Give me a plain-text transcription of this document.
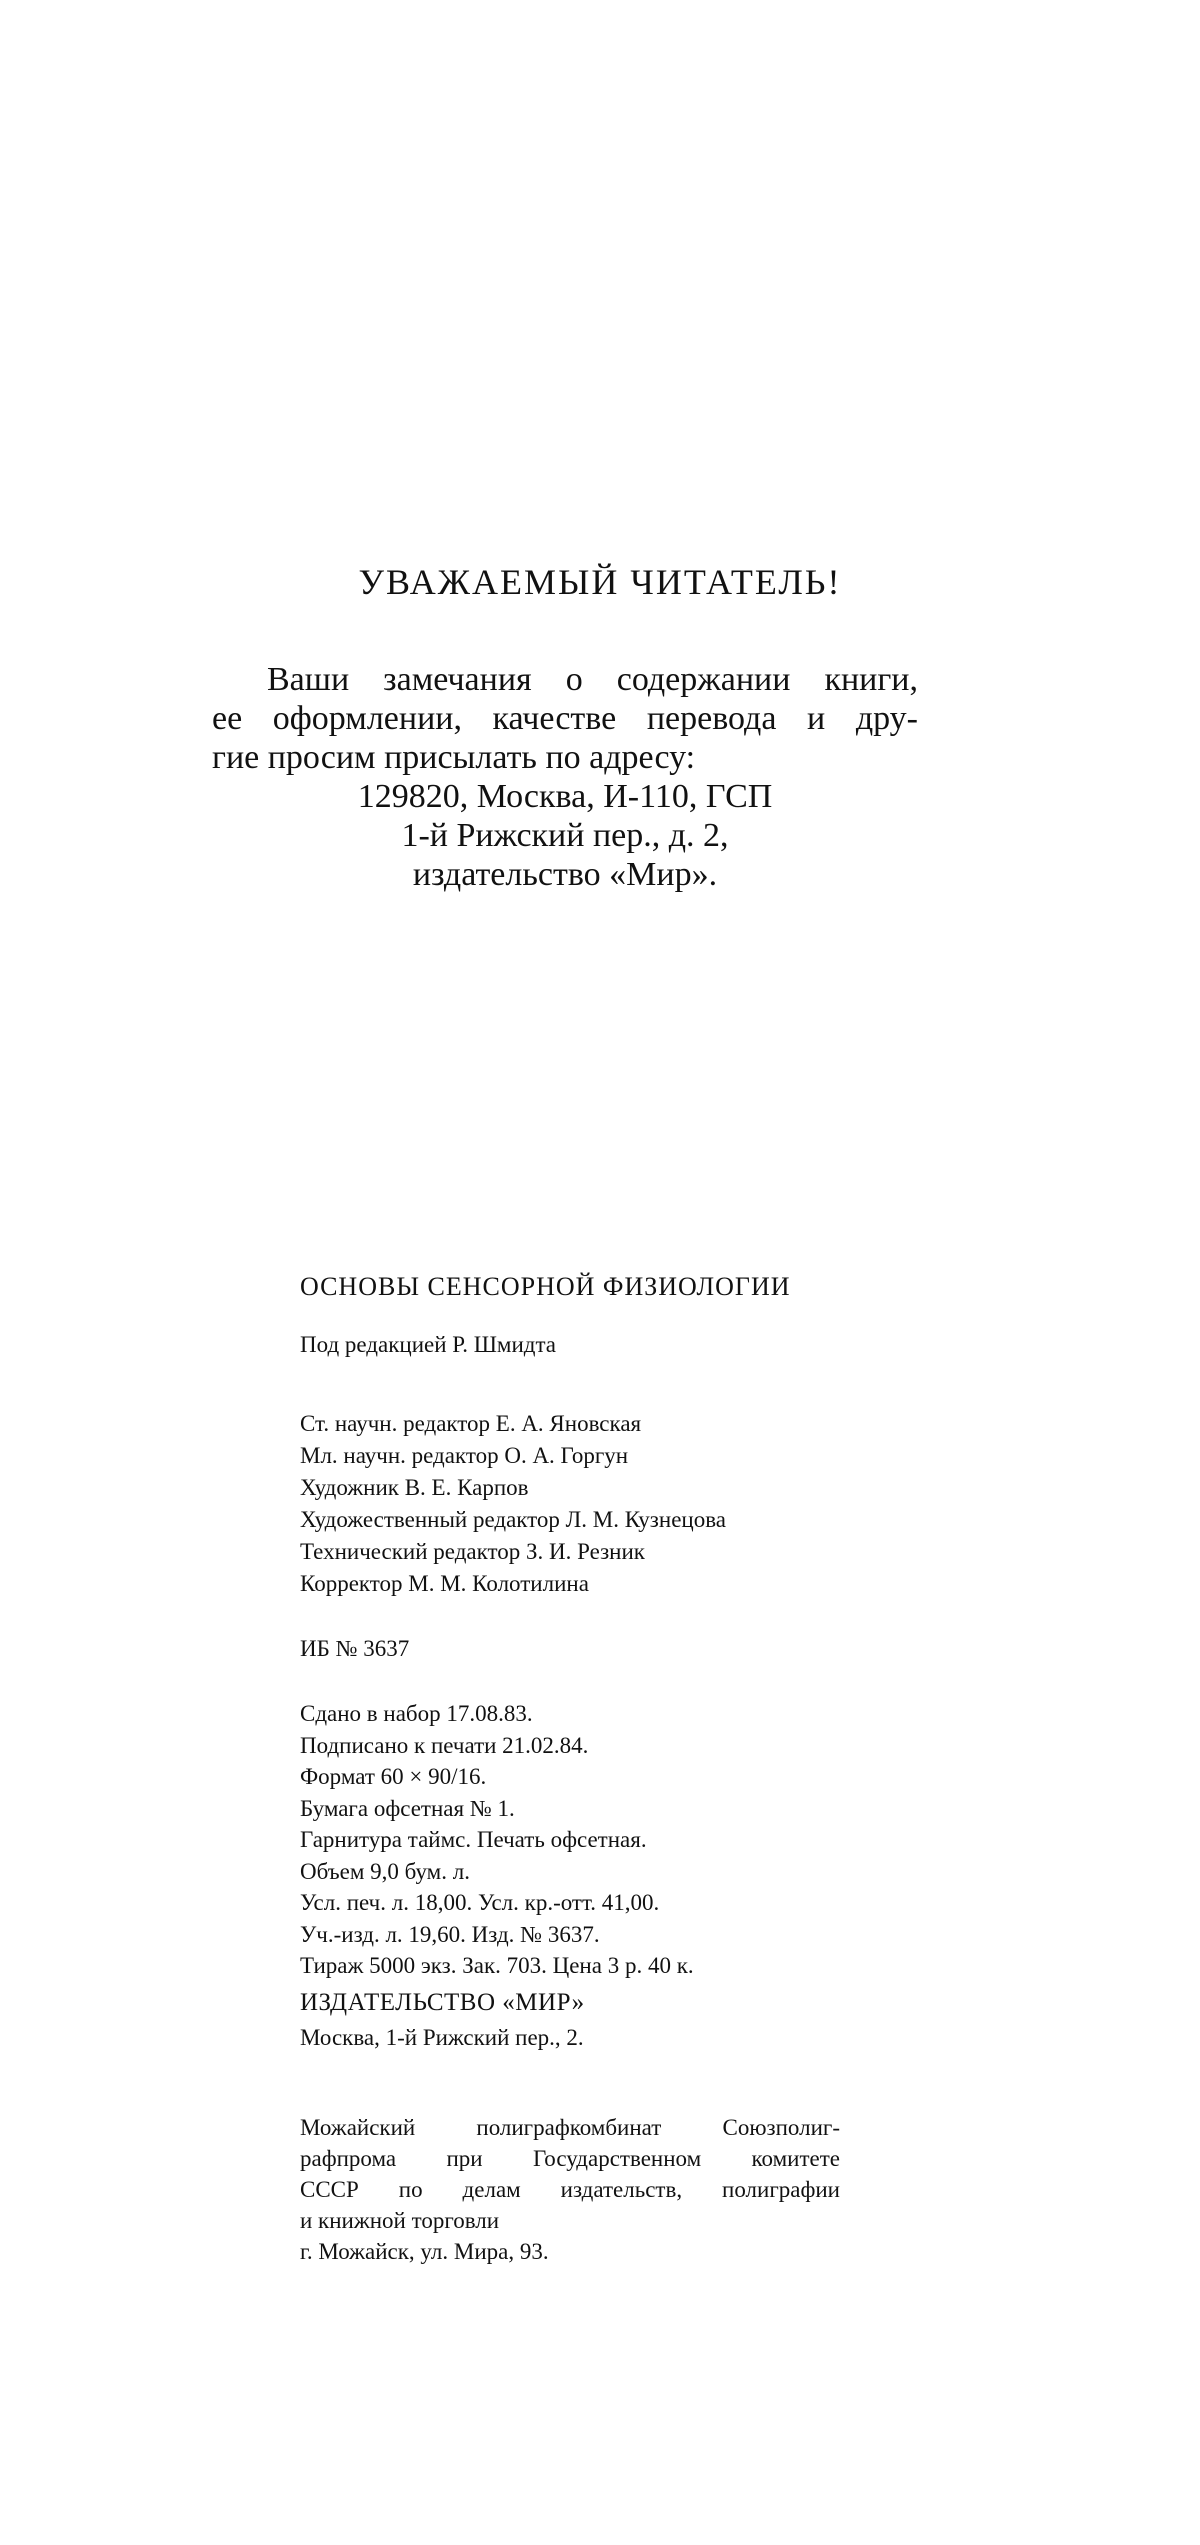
УВАЖАЕМЫЙ ЧИТАТЕЛЬ!
Ваши замечания о содержании книги,
ее оформлении, качестве перевода и дру-
гие просим присылать по адресу:
129820, Москва, И-110, ГСП
1-й Рижский пер., д. 2,
издательство «Мир».
ОСНОВЫ СЕНСОРНОЙ ФИЗИОЛОГИИ
Под редакцией Р. Шмидта
Ст. научн. редактор Е. А. Яновская
Мл. научн. редактор О. А. Горгун
Художник В. Е. Карпов
Художественный редактор Л. М. Кузнецова
Технический редактор З. И. Резник
Корректор М. М. Колотилина
ИБ № 3637
Сдано в набор 17.08.83.
Подписано к печати 21.02.84.
Формат 60 × 90/16.
Бумага офсетная № 1.
Гарнитура таймс. Печать офсетная.
Объем 9,0 бум. л.
Усл. печ. л. 18,00. Усл. кр.-отт. 41,00.
Уч.-изд. л. 19,60. Изд. № 3637.
Тираж 5000 экз. Зак. 703. Цена 3 р. 40 к.
ИЗДАТЕЛЬСТВО «МИР»
Москва, 1-й Рижский пер., 2.
Можайский полиграфкомбинат Союзполиг-
рафпрома при Государственном комитете
СССР по делам издательств, полиграфии
и книжной торговли
г. Можайск, ул. Мира, 93.
